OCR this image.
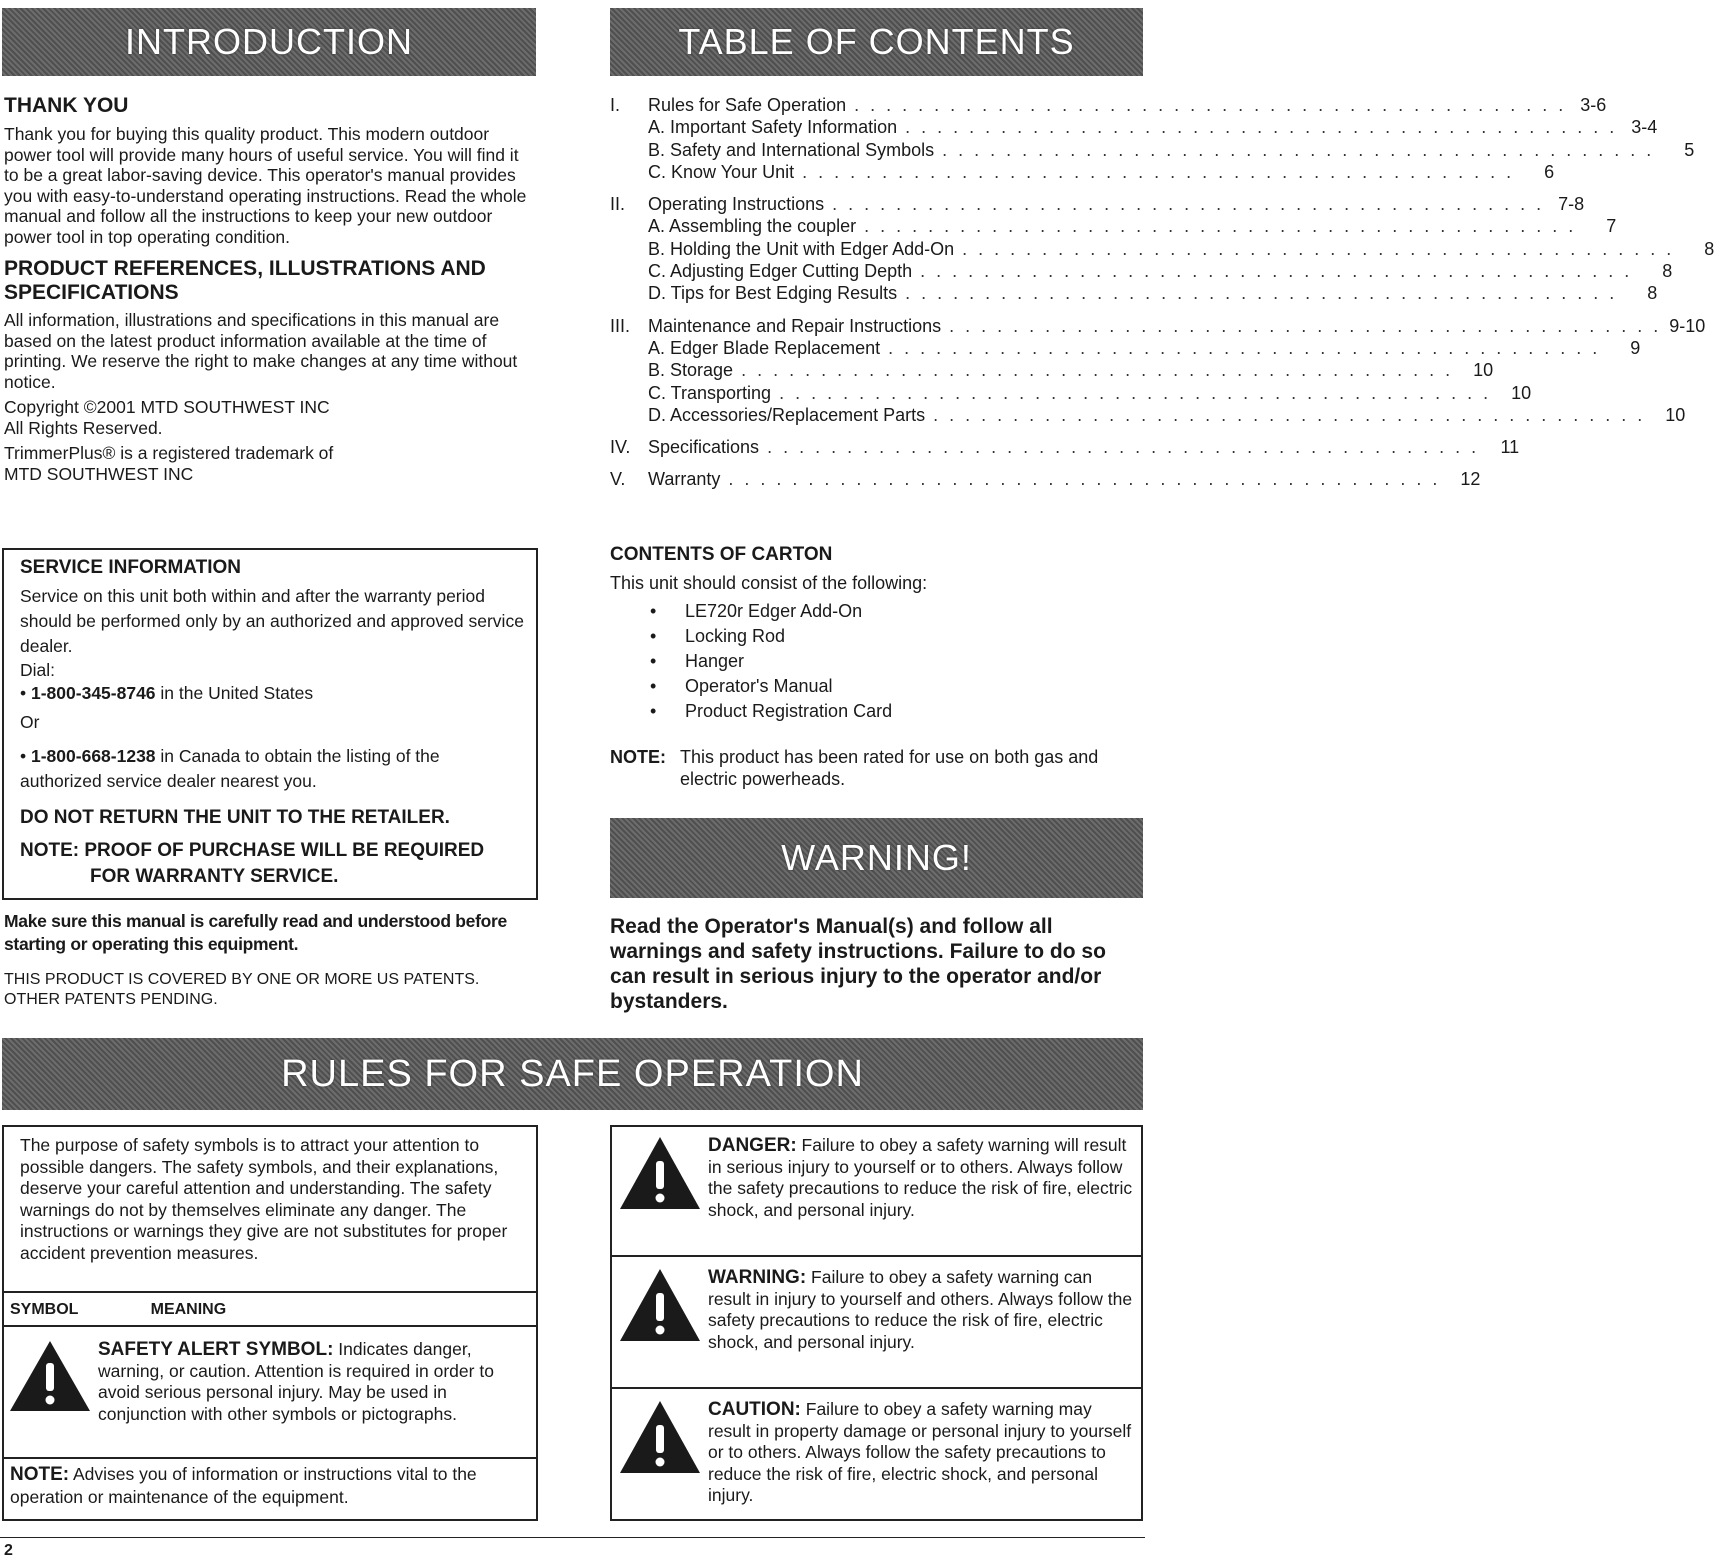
INTRODUCTION	TABLE OF CONTENTS
THANK YOU

Thank you for buying this quality product. This modern outdoor power tool will provide many hours of useful service. You will find it to be a great labor-saving device. This operator's manual provides you with easy-to-understand operating instructions. Read the whole manual and follow all the instructions to keep your new outdoor power tool in top operating condition.

PRODUCT REFERENCES, ILLUSTRATIONS AND SPECIFICATIONS

All information, illustrations and specifications in this manual are based on the latest product information available at the time of printing. We reserve the right to make changes at any time without notice.

Copyright ©2001 MTD SOUTHWEST INC

All Rights Reserved.

TrimmerPlus® is a registered trademark of

MTD SOUTHWEST INC

SERVICE INFORMATION

Service on this unit both within and after the warranty period should be performed only by an authorized and approved service dealer.

Dial:

• 1-800-345-8746 in the United States

Or

• 1-800-668-1238 in Canada to obtain the listing of the authorized service dealer nearest you.

DO NOT RETURN THE UNIT TO THE RETAILER.
NOTE: PROOF OF PURCHASE WILL BE REQUIRED
FOR WARRANTY SERVICE.

Make sure this manual is carefully read and understood before starting or operating this equipment.

THIS PRODUCT IS COVERED BY ONE OR MORE US PATENTS. OTHER PATENTS PENDING.

I.	Rules for Safe Operation . . . . . . . . . . . . . . . . . . . . . . . . . . . . . . . . . . . . . . . . . . . . . 3-6
A. Important Safety Information . . . . . . . . . . . . . . . . . . . . . . . . . . . . . . . . . . . . . . . . . . . . . 3-4
B. Safety and International Symbols . . . . . . . . . . . . . . . . . . . . . . . . . . . . . . . . . . . . . . . . . . . . .	5
C. Know Your Unit . . . . . . . . . . . . . . . . . . . . . . . . . . . . . . . . . . . . . . . . . . . . .	6
II.	Operating Instructions . . . . . . . . . . . . . . . . . . . . . . . . . . . . . . . . . . . . . . . . . . . . . 7-8
A. Assembling the coupler . . . . . . . . . . . . . . . . . . . . . . . . . . . . . . . . . . . . . . . . . . . . .	7
B. Holding the Unit with Edger Add-On . . . . . . . . . . . . . . . . . . . . . . . . . . . . . . . . . . . . . . . . . . . . .	8
C. Adjusting Edger Cutting Depth . . . . . . . . . . . . . . . . . . . . . . . . . . . . . . . . . . . . . . . . . . . . .	8
D. Tips for Best Edging Results . . . . . . . . . . . . . . . . . . . . . . . . . . . . . . . . . . . . . . . . . . . . .	8
III. Maintenance and Repair Instructions . . . . . . . . . . . . . . . . . . . . . . . . . . . . . . . . . . . . . . . . . . . . . 9-10
A. Edger Blade Replacement . . . . . . . . . . . . . . . . . . . . . . . . . . . . . . . . . . . . . . . . . . . . .	9
B. Storage . . . . . . . . . . . . . . . . . . . . . . . . . . . . . . . . . . . . . . . . . . . . .	10
C. Transporting . . . . . . . . . . . . . . . . . . . . . . . . . . . . . . . . . . . . . . . . . . . . .	10
D. Accessories/Replacement Parts . . . . . . . . . . . . . . . . . . . . . . . . . . . . . . . . . . . . . . . . . . . . .	10
IV. Specifications . . . . . . . . . . . . . . . . . . . . . . . . . . . . . . . . . . . . . . . . . . . . .	11
V.	Warranty . . . . . . . . . . . . . . . . . . . . . . . . . . . . . . . . . . . . . . . . . . . . .	12
CONTENTS OF CARTON

This unit should consist of the following:

•	LE720r Edger Add-On
•	Locking Rod
•	Hanger
•	Operator's Manual
•	Product Registration Card
NOTE: This product has been rated for use on both gas and electric powerheads.
WARNING!

Read the Operator's Manual(s) and follow all warnings and safety instructions. Failure to do so can result in serious injury to the operator and/or bystanders.

RULES FOR SAFE OPERATION

The purpose of safety symbols is to attract your attention to possible dangers. The safety symbols, and their explanations, deserve your careful attention and understanding. The safety warnings do not by themselves eliminate any danger. The instructions or warnings they give are not substitutes for proper accident prevention measures.

SYMBOL	MEANING

SAFETY ALERT SYMBOL: Indicates danger, warning, or caution. Attention is required in order to avoid serious personal injury. May be used in conjunction with other symbols or pictographs.

NOTE: Advises you of information or instructions vital to the operation or maintenance of the equipment.

DANGER: Failure to obey a safety warning will result in serious injury to yourself or to others. Always follow the safety precautions to reduce the risk of fire, electric shock, and personal injury.

WARNING: Failure to obey a safety warning can result in injury to yourself and others. Always follow the safety precautions to reduce the risk of fire, electric shock, and personal injury.

CAUTION: Failure to obey a safety warning may result in property damage or personal injury to yourself or to others. Always follow the safety precautions to reduce the risk of fire, electric shock, and personal injury.

2
